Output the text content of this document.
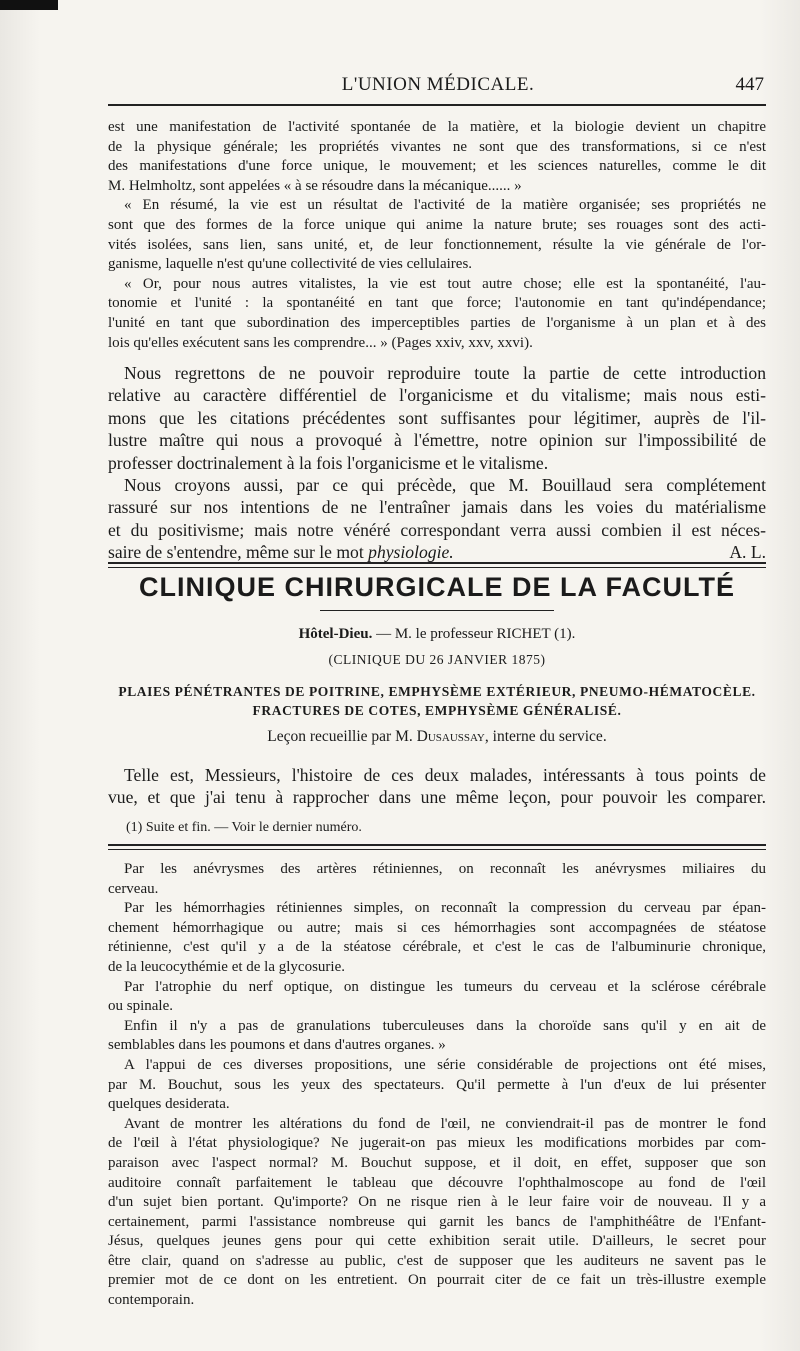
L'UNION MÉDICALE.	447

est une manifestation de l'activité spontanée de la matière, et la biologie devient un chapitre

de la physique générale; les propriétés vivantes ne sont que des transformations, si ce n'est

des manifestations d'une force unique, le mouvement; et les sciences naturelles, comme le dit

M. Helmholtz, sont appelées « à se résoudre dans la mécanique...... »

« En résumé, la vie est un résultat de l'activité de la matière organisée; ses propriétés ne

sont que des formes de la force unique qui anime la nature brute; ses rouages sont des acti-

vités isolées, sans lien, sans unité, et, de leur fonctionnement, résulte la vie générale de l'or-

ganisme, laquelle n'est qu'une collectivité de vies cellulaires.

« Or, pour nous autres vitalistes, la vie est tout autre chose; elle est la spontanéité, l'au-

tonomie et l'unité : la spontanéité en tant que force; l'autonomie en tant qu'indépendance;

l'unité en tant que subordination des imperceptibles parties de l'organisme à un plan et à des

lois qu'elles exécutent sans les comprendre... » (Pages xxiv, xxv, xxvi).

Nous regrettons de ne pouvoir reproduire toute la partie de cette introduction

relative au caractère différentiel de l'organicisme et du vitalisme; mais nous esti-

mons que les citations précédentes sont suffisantes pour légitimer, auprès de l'il-

lustre maître qui nous a provoqué à l'émettre, notre opinion sur l'impossibilité de

professer doctrinalement à la fois l'organicisme et le vitalisme.

Nous croyons aussi, par ce qui précède, que M. Bouillaud sera complétement

rassuré sur nos intentions de ne l'entraîner jamais dans les voies du matérialisme

et du positivisme; mais notre vénéré correspondant verra aussi combien il est néces-

saire de s'entendre, même sur le mot physiologie.	A. L.
CLINIQUE CHIRURGICALE DE LA FACULTÉ
Hôtel-Dieu. — M. le professeur RICHET (1).
(CLINIQUE DU 26 JANVIER 1875)
PLAIES PÉNÉTRANTES DE POITRINE, EMPHYSÈME EXTÉRIEUR, PNEUMO-HÉMATOCÈLE.
FRACTURES DE COTES, EMPHYSÈME GÉNÉRALISÉ.
Leçon recueillie par M. Dusaussay, interne du service.

Telle est, Messieurs, l'histoire de ces deux malades, intéressants à tous points de

vue, et que j'ai tenu à rapprocher dans une même leçon, pour pouvoir les comparer.

(1) Suite et fin. — Voir le dernier numéro.

Par les anévrysmes des artères rétiniennes, on reconnaît les anévrysmes miliaires du

cerveau.

Par les hémorrhagies rétiniennes simples, on reconnaît la compression du cerveau par épan-

chement hémorrhagique ou autre; mais si ces hémorrhagies sont accompagnées de stéatose

rétinienne, c'est qu'il y a de la stéatose cérébrale, et c'est le cas de l'albuminurie chronique,

de la leucocythémie et de la glycosurie.

Par l'atrophie du nerf optique, on distingue les tumeurs du cerveau et la sclérose cérébrale

ou spinale.

Enfin il n'y a pas de granulations tuberculeuses dans la choroïde sans qu'il y en ait de

semblables dans les poumons et dans d'autres organes. »

A l'appui de ces diverses propositions, une série considérable de projections ont été mises,

par M. Bouchut, sous les yeux des spectateurs. Qu'il permette à l'un d'eux de lui présenter

quelques desiderata.

Avant de montrer les altérations du fond de l'œil, ne conviendrait-il pas de montrer le fond

de l'œil à l'état physiologique? Ne jugerait-on pas mieux les modifications morbides par com-

paraison avec l'aspect normal? M. Bouchut suppose, et il doit, en effet, supposer que son

auditoire connaît parfaitement le tableau que découvre l'ophthalmoscope au fond de l'œil

d'un sujet bien portant. Qu'importe? On ne risque rien à le leur faire voir de nouveau. Il y a

certainement, parmi l'assistance nombreuse qui garnit les bancs de l'amphithéâtre de l'Enfant-

Jésus, quelques jeunes gens pour qui cette exhibition serait utile. D'ailleurs, le secret pour

être clair, quand on s'adresse au public, c'est de supposer que les auditeurs ne savent pas le

premier mot de ce dont on les entretient. On pourrait citer de ce fait un très-illustre exemple

contemporain.
